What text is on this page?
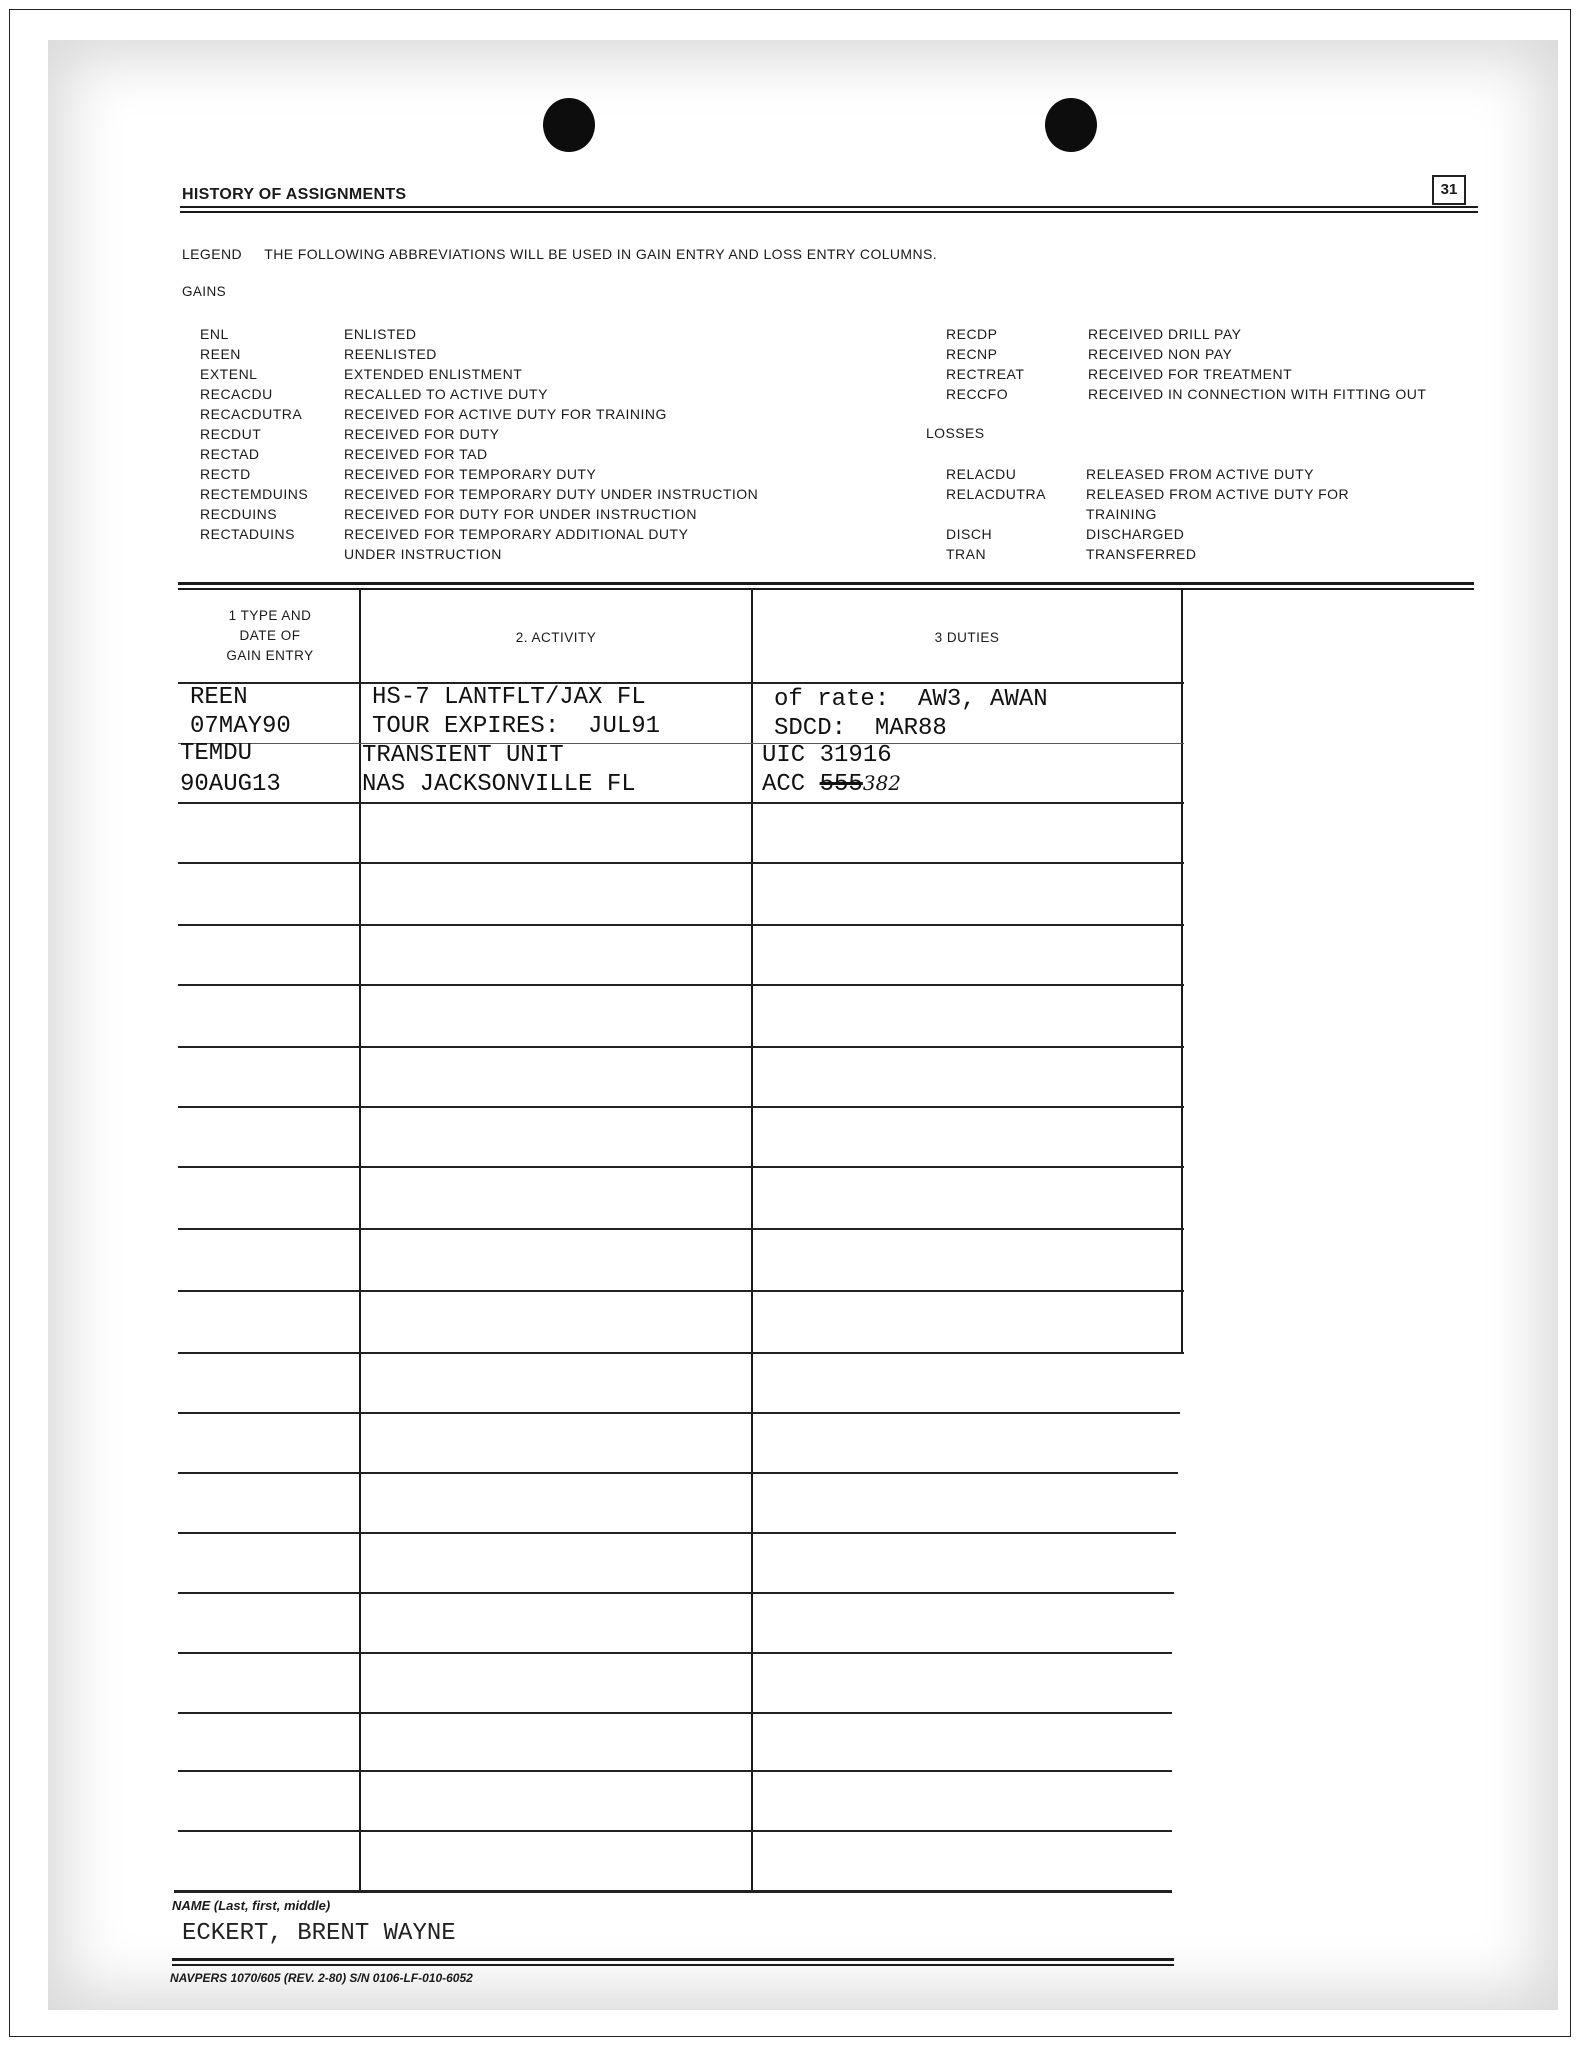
HISTORY OF ASSIGNMENTS	31
LEGEND THE FOLLOWING ABBREVIATIONS WILL BE USED IN GAIN ENTRY AND LOSS ENTRY COLUMNS.
GAINS
ENL
REEN
EXTENL
RECACDU
RECACDUTRA
RECDUT
RECTAD
RECTD
RECTEMDUINS
RECDUINS
RECTADUINS

ENLISTED
REENLISTED
EXTENDED ENLISTMENT
RECALLED TO ACTIVE DUTY
RECEIVED FOR ACTIVE DUTY FOR TRAINING
RECEIVED FOR DUTY
RECEIVED FOR TAD
RECEIVED FOR TEMPORARY DUTY
RECEIVED FOR TEMPORARY DUTY UNDER INSTRUCTION
RECEIVED FOR DUTY FOR UNDER INSTRUCTION
RECEIVED FOR TEMPORARY ADDITIONAL DUTY
UNDER INSTRUCTION
RECDP
RECNP
RECTREAT
RECCFO
RECEIVED DRILL PAY
RECEIVED NON PAY
RECEIVED FOR TREATMENT
RECEIVED IN CONNECTION WITH FITTING OUT
LOSSES
RELACDU
RELACDUTRA

DISCH
TRAN
RELEASED FROM ACTIVE DUTY
RELEASED FROM ACTIVE DUTY FOR
TRAINING
DISCHARGED
TRANSFERRED
1 TYPE AND
DATE OF
GAIN ENTRY
2. ACTIVITY	3 DUTIES
REEN
07MAY90
HS-7 LANTFLT/JAX FL
TOUR EXPIRES:  JUL91
of rate:  AW3, AWAN
SDCD:  MAR88
TEMDU
90AUG13
TRANSIENT UNIT
NAS JACKSONVILLE FL
UIC 31916
ACC 555382
NAME (Last, first, middle)
ECKERT, BRENT WAYNE
NAVPERS 1070/605 (REV. 2-80) S/N 0106-LF-010-6052
